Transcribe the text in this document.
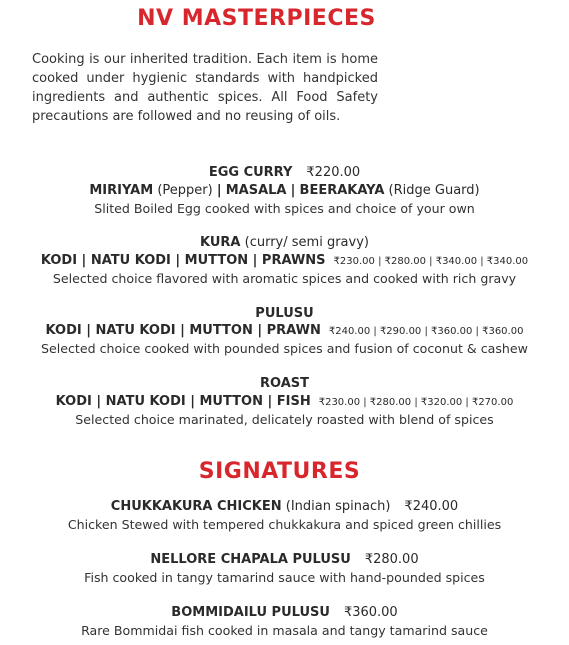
NV MASTERPIECES

Cooking is our inherited tradition. Each item is home cooked under hygienic standards with handpicked ingredients and authentic spices. All Food Safety precautions are followed and no reusing of oils.

EGG CURRY ₹220.00
MIRIYAM (Pepper) | MASALA | BEERAKAYA (Ridge Guard)
Slited Boiled Egg cooked with spices and choice of your own
KURA (curry/ semi gravy)
KODI | NATU KODI | MUTTON | PRAWNS ₹230.00 | ₹280.00 | ₹340.00 | ₹340.00
Selected choice flavored with aromatic spices and cooked with rich gravy
PULUSU
KODI | NATU KODI | MUTTON | PRAWN ₹240.00 | ₹290.00 | ₹360.00 | ₹360.00
Selected choice cooked with pounded spices and fusion of coconut & cashew
ROAST
KODI | NATU KODI | MUTTON | FISH ₹230.00 | ₹280.00 | ₹320.00 | ₹270.00
Selected choice marinated, delicately roasted with blend of spices
SIGNATURES
CHUKKAKURA CHICKEN (Indian spinach) ₹240.00
Chicken Stewed with tempered chukkakura and spiced green chillies
NELLORE CHAPALA PULUSU ₹280.00
Fish cooked in tangy tamarind sauce with hand-pounded spices
BOMMIDAILU PULUSU ₹360.00
Rare Bommidai fish cooked in masala and tangy tamarind sauce
